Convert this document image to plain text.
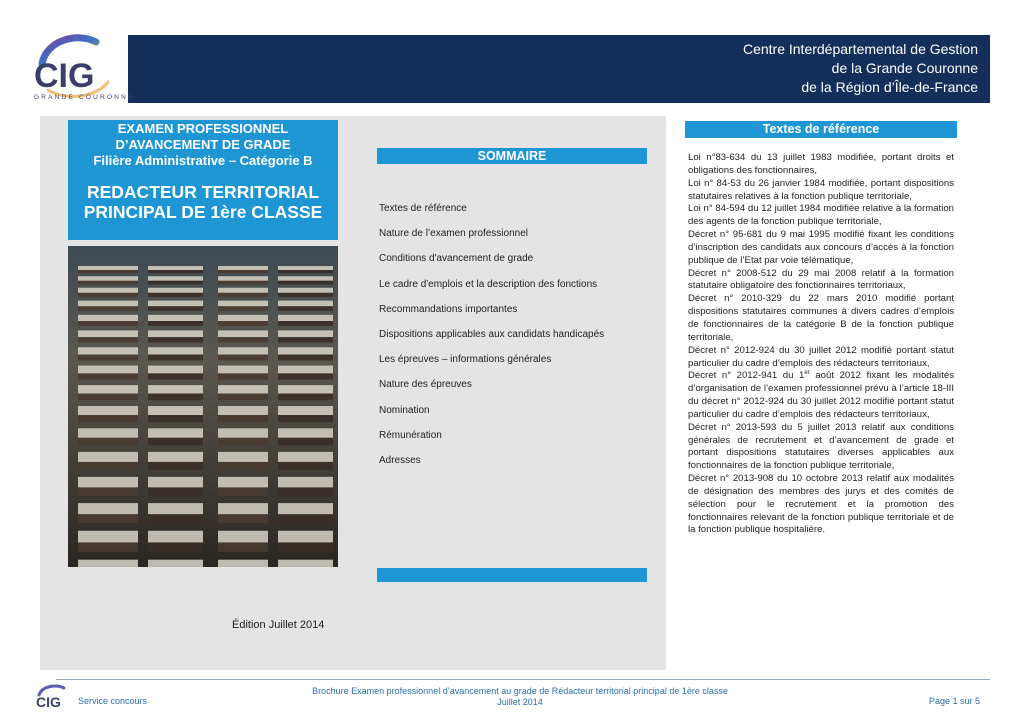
Centre Interdépartemental de Gestion
de la Grande Couronne
de la Région d’Île-de-France
CIG
GRANDE COURONNE
EXAMEN PROFESSIONNEL
D’AVANCEMENT DE GRADE
Filière Administrative – Catégorie B
REDACTEUR TERRITORIAL
PRINCIPAL DE 1ère CLASSE
Édition Juillet 2014
SOMMAIRE
Textes de référence
Nature de l’examen professionnel
Conditions d'avancement de grade
Le cadre d'emplois et la description des fonctions
Recommandations importantes
Dispositions applicables aux candidats handicapés
Les épreuves – informations générales
Nature des épreuves
Nomination
Rémunération
Adresses
Textes de référence

Loi n°83-634 du 13 juillet 1983 modifiée, portant droits et obligations des fonctionnaires,

Loi n° 84-53 du 26 janvier 1984 modifiée, portant dispositions statutaires relatives à la fonction publique territoriale,

Loi n° 84-594 du 12 juillet 1984 modifiée relative à la formation des agents de la fonction publique territoriale,

Décret n° 95-681 du 9 mai 1995 modifié fixant les conditions d’inscription des candidats aux concours d’accès à la fonction publique de l’Etat par voie télématique,

Décret n° 2008-512 du 29 mai 2008 relatif à la formation statutaire obligatoire des fonctionnaires territoriaux,

Décret n° 2010-329 du 22 mars 2010 modifié portant dispositions statutaires communes à divers cadres d’emplois de fonctionnaires de la catégorie B de la fonction publique territoriale,

Décret n° 2012-924 du 30 juillet 2012 modifié portant statut particulier du cadre d’emplois des rédacteurs territoriaux,

Décret n° 2012-941 du 1er août 2012 fixant les modalités d’organisation de l’examen professionnel prévu à l’article 18-III du décret n° 2012-924 du 30 juillet 2012 modifié portant statut particulier du cadre d’emplois des rédacteurs territoriaux,

Décret n° 2013-593 du 5 juillet 2013 relatif aux conditions générales de recrutement et d’avancement de grade et portant dispositions statutaires diverses applicables aux fonctionnaires de la fonction publique territoriale,

Décret n° 2013-908 du 10 octobre 2013 relatif aux modalités de désignation des membres des jurys et des comités de sélection pour le recrutement et la promotion des fonctionnaires relevant de la fonction publique territoriale et de la fonction publique hospitalière.

CIG Service concours
Brochure Examen professionnel d’avancement au grade de Rédacteur territorial principal de 1ère classe
Juillet 2014	Page 1 sur 5
